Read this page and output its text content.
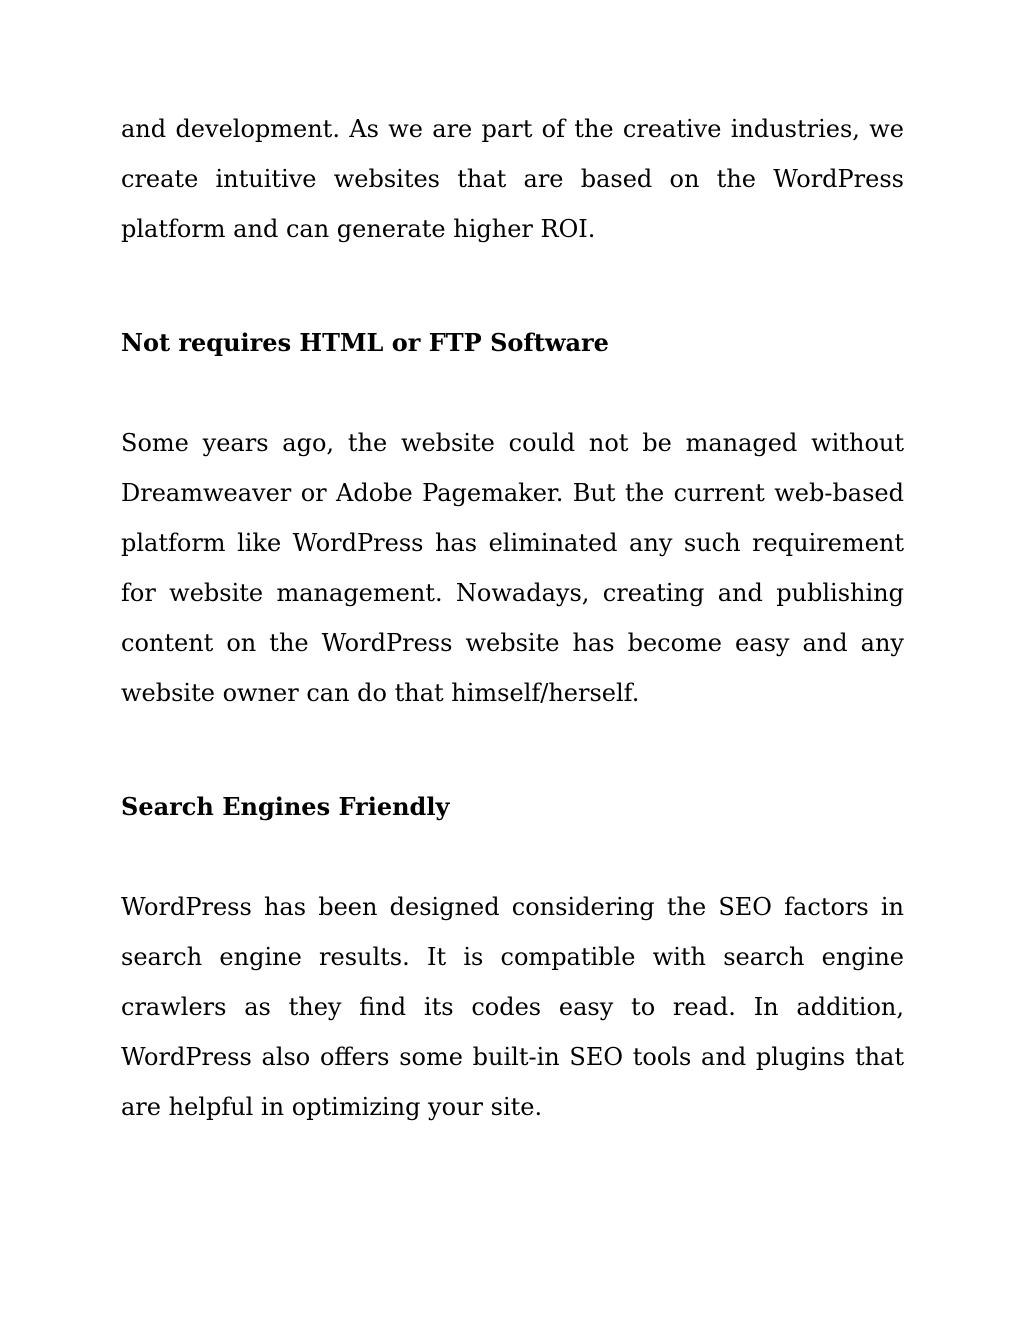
and development. As we are part of the creative industries, we create intuitive websites that are based on the WordPress platform and can generate higher ROI.

Not requires HTML or FTP Software

Some years ago, the website could not be managed without Dreamweaver or Adobe Pagemaker. But the current web-based platform like WordPress has eliminated any such requirement for website management. Nowadays, creating and publishing content on the WordPress website has become easy and any website owner can do that himself/herself.

Search Engines Friendly

WordPress has been designed considering the SEO factors in search engine results. It is compatible with search engine crawlers as they find its codes easy to read. In addition, WordPress also offers some built-in SEO tools and plugins that are helpful in optimizing your site.
